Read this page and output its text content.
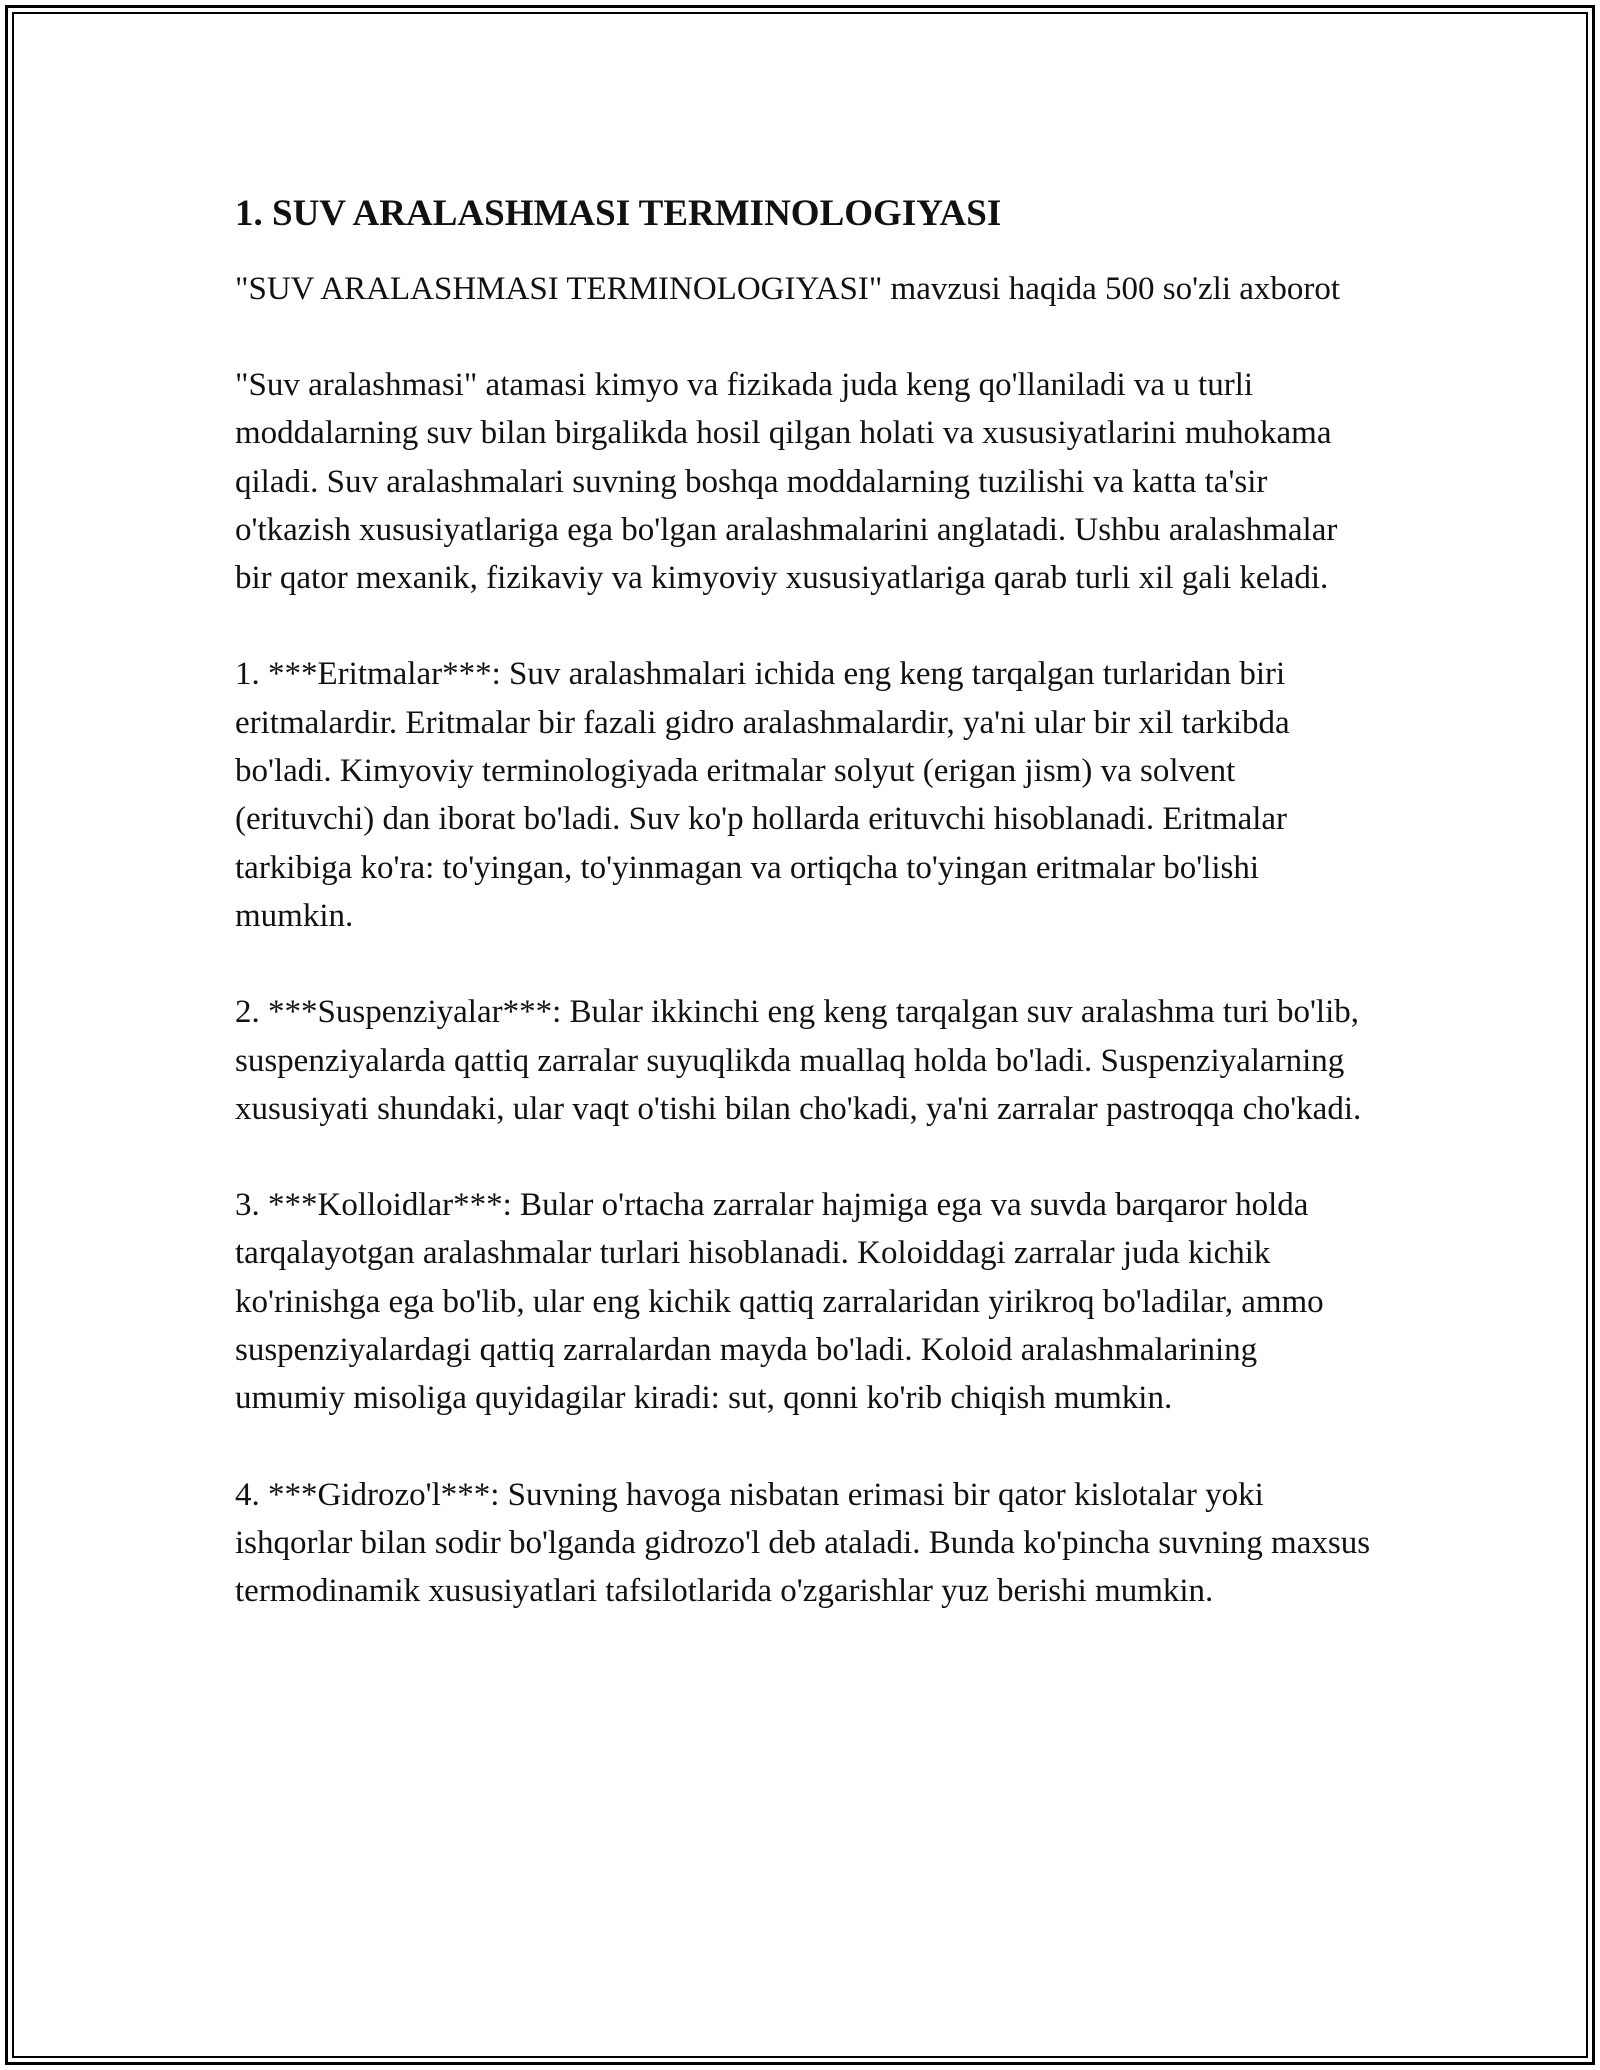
1. SUV ARALASHMASI TERMINOLOGIYASI

"SUV ARALASHMASI TERMINOLOGIYASI" mavzusi haqida 500 so'zli axborot

"Suv aralashmasi" atamasi kimyo va fizikada juda keng qo'llaniladi va u turli moddalarning suv bilan birgalikda hosil qilgan holati va xususiyatlarini muhokama qiladi. Suv aralashmalari suvning boshqa moddalarning tuzilishi va katta ta'sir o'tkazish xususiyatlariga ega bo'lgan aralashmalarini anglatadi. Ushbu aralashmalar bir qator mexanik, fizikaviy va kimyoviy xususiyatlariga qarab turli xil gali keladi.

1. ***Eritmalar***: Suv aralashmalari ichida eng keng tarqalgan turlaridan biri eritmalardir. Eritmalar bir fazali gidro aralashmalardir, ya'ni ular bir xil tarkibda bo'ladi. Kimyoviy terminologiyada eritmalar solyut (erigan jism) va solvent (erituvchi) dan iborat bo'ladi. Suv ko'p hollarda erituvchi hisoblanadi. Eritmalar tarkibiga ko'ra: to'yingan, to'yinmagan va ortiqcha to'yingan eritmalar bo'lishi mumkin.

2. ***Suspenziyalar***: Bular ikkinchi eng keng tarqalgan suv aralashma turi bo'lib, suspenziyalarda qattiq zarralar suyuqlikda muallaq holda bo'ladi. Suspenziyalarning xususiyati shundaki, ular vaqt o'tishi bilan cho'kadi, ya'ni zarralar pastroqqa cho'kadi.

3. ***Kolloidlar***: Bular o'rtacha zarralar hajmiga ega va suvda barqaror holda tarqalayotgan aralashmalar turlari hisoblanadi. Koloiddagi zarralar juda kichik ko'rinishga ega bo'lib, ular eng kichik qattiq zarralaridan yirikroq bo'ladilar, ammo suspenziyalardagi qattiq zarralardan mayda bo'ladi. Koloid aralashmalarining umumiy misoliga quyidagilar kiradi: sut, qonni ko'rib chiqish mumkin.

4. ***Gidrozo'l***: Suvning havoga nisbatan erimasi bir qator kislotalar yoki ishqorlar bilan sodir bo'lganda gidrozo'l deb ataladi. Bunda ko'pincha suvning maxsus termodinamik xususiyatlari tafsilotlarida o'zgarishlar yuz berishi mumkin.
